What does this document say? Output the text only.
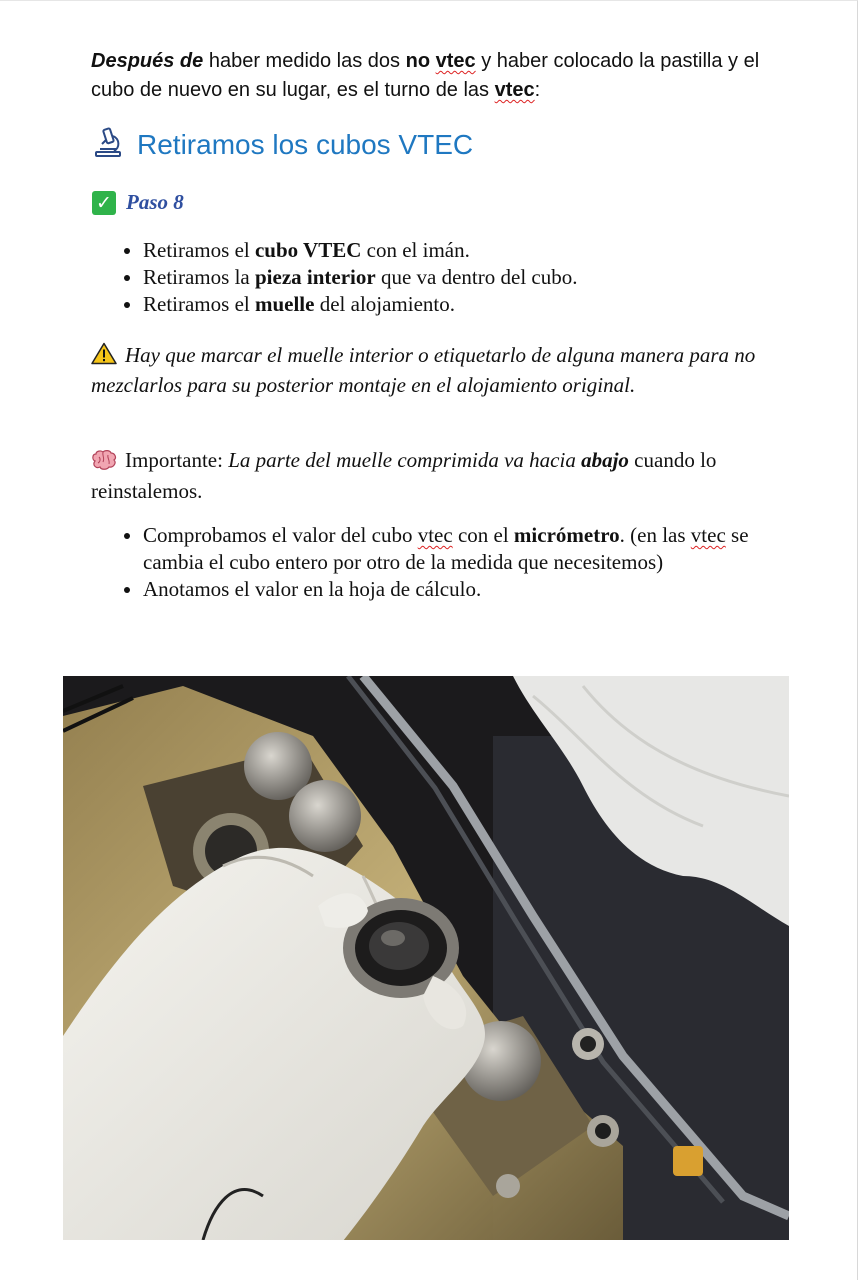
Después de haber medido las dos no vtec y haber colocado la pastilla y el cubo de nuevo en su lugar, es el turno de las vtec:
Retiramos los cubos VTEC
✓ Paso 8
• Retiramos el cubo VTEC con el imán.
• Retiramos la pieza interior que va dentro del cubo.
• Retiramos el muelle del alojamiento.
Hay que marcar el muelle interior o etiquetarlo de alguna manera para no mezclarlos para su posterior montaje en el alojamiento original.
Importante: La parte del muelle comprimida va hacia abajo cuando lo reinstalemos.
• Comprobamos el valor del cubo vtec con el micrómetro. (en las vtec se cambia el cubo entero por otro de la medida que necesitemos)
• Anotamos el valor en la hoja de cálculo.
